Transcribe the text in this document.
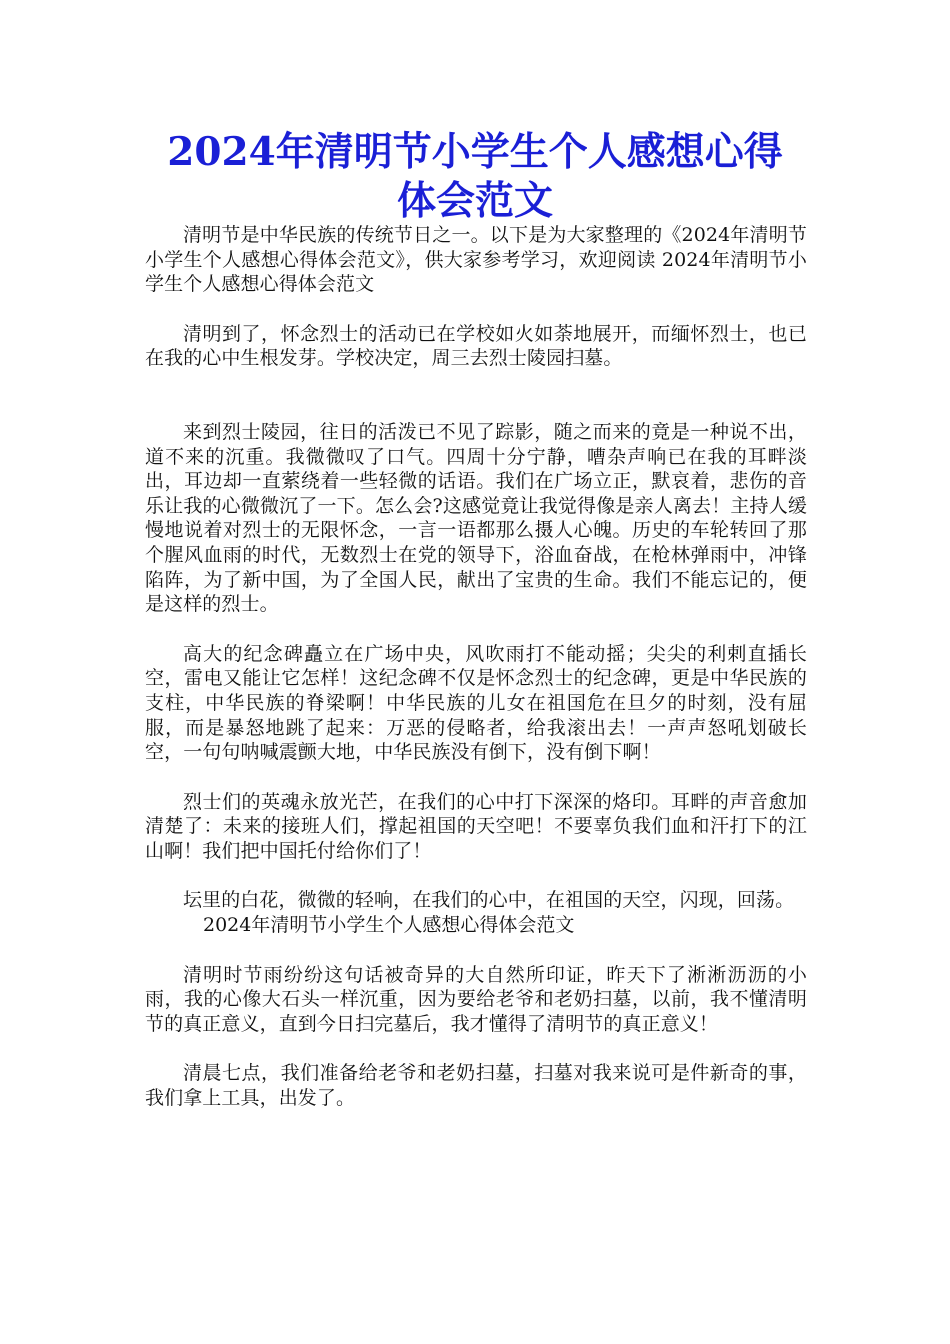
2024年清明节小学生个人感想心得
体会范文

清明节是中华民族的传统节日之一。以下是为大家整理的《2024年清明节小学生个人感想心得体会范文》，供大家参考学习，欢迎阅读 2024年清明节小学生个人感想心得体会范文

清明到了，怀念烈士的活动已在学校如火如荼地展开，而缅怀烈士，也已在我的心中生根发芽。学校决定，周三去烈士陵园扫墓。

来到烈士陵园，往日的活泼已不见了踪影，随之而来的竟是一种说不出，道不来的沉重。我微微叹了口气。四周十分宁静，嘈杂声响已在我的耳畔淡出，耳边却一直萦绕着一些轻微的话语。我们在广场立正，默哀着，悲伤的音乐让我的心微微沉了一下。怎么会?这感觉竟让我觉得像是亲人离去！主持人缓慢地说着对烈士的无限怀念，一言一语都那么摄人心魄。历史的车轮转回了那个腥风血雨的时代，无数烈士在党的领导下，浴血奋战，在枪林弹雨中，冲锋陷阵，为了新中国，为了全国人民，献出了宝贵的生命。我们不能忘记的，便是这样的烈士。

高大的纪念碑矗立在广场中央，风吹雨打不能动摇；尖尖的利剌直插长空，雷电又能让它怎样！这纪念碑不仅是怀念烈士的纪念碑，更是中华民族的支柱，中华民族的脊梁啊！中华民族的儿女在祖国危在旦夕的时刻，没有屈服，而是暴怒地跳了起来：万恶的侵略者，给我滚出去！一声声怒吼划破长空，一句句呐喊震颤大地，中华民族没有倒下，没有倒下啊！

烈士们的英魂永放光芒，在我们的心中打下深深的烙印。耳畔的声音愈加清楚了：未来的接班人们，撑起祖国的天空吧！不要辜负我们血和汗打下的江山啊！我们把中国托付给你们了！

坛里的白花，微微的轻响，在我们的心中，在祖国的天空，闪现，回荡。

2024年清明节小学生个人感想心得体会范文

清明时节雨纷纷这句话被奇异的大自然所印证，昨天下了淅淅沥沥的小雨，我的心像大石头一样沉重，因为要给老爷和老奶扫墓，以前，我不懂清明节的真正意义，直到今日扫完墓后，我才懂得了清明节的真正意义！

清晨七点，我们准备给老爷和老奶扫墓，扫墓对我来说可是件新奇的事，我们拿上工具，出发了。
